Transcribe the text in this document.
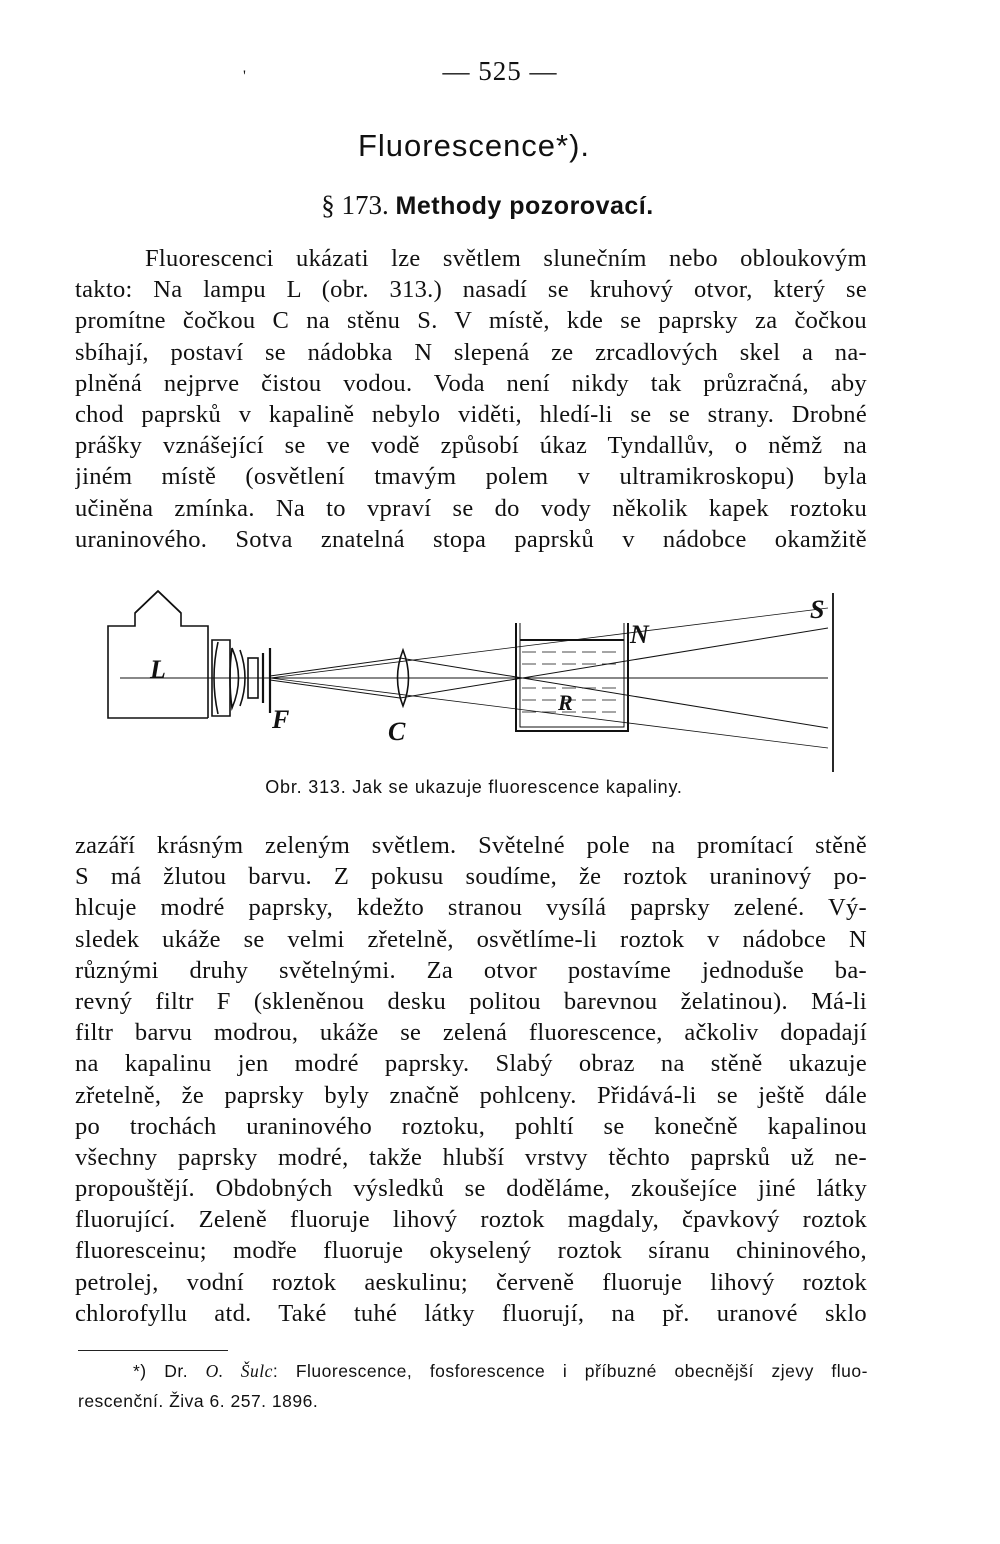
— 525 —
'
Fluorescence*).
§ 173. Methody pozorovací.
Fluorescenci ukázati lze světlem slunečním nebo obloukovým
takto: Na lampu L (obr. 313.) nasadí se kruhový otvor, který se
promítne čočkou C na stěnu S. V místě, kde se paprsky za čočkou
sbíhají, postaví se nádobka N slepená ze zrcadlových skel a na-
plněná nejprve čistou vodou. Voda není nikdy tak průzračná, aby
chod paprsků v kapalině nebylo viděti, hledí-li se se strany. Drobné
prášky vznášející se ve vodě způsobí úkaz Tyndallův, o němž na
jiném místě (osvětlení tmavým polem v ultramikroskopu) byla
učiněna zmínka. Na to vpraví se do vody několik kapek roztoku
uraninového. Sotva znatelná stopa paprsků v nádobce okamžitě
L
F	C
N
R
S
Obr. 313. Jak se ukazuje fluorescence kapaliny.
zazáří krásným zeleným světlem. Světelné pole na promítací stěně
S má žlutou barvu. Z pokusu soudíme, že roztok uraninový po-
hlcuje modré paprsky, kdežto stranou vysílá paprsky zelené. Vý-
sledek ukáže se velmi zřetelně, osvětlíme-li roztok v nádobce N
různými druhy světelnými. Za otvor postavíme jednoduše ba-
revný filtr F (skleněnou desku politou barevnou želatinou). Má-li
filtr barvu modrou, ukáže se zelená fluorescence, ačkoliv dopadají
na kapalinu jen modré paprsky. Slabý obraz na stěně ukazuje
zřetelně, že paprsky byly značně pohlceny. Přidává-li se ještě dále
po trochách uraninového roztoku, pohltí se konečně kapalinou
všechny paprsky modré, takže hlubší vrstvy těchto paprsků už ne-
propouštějí. Obdobných výsledků se doděláme, zkoušejíce jiné látky
fluorující. Zeleně fluoruje lihový roztok magdaly, čpavkový roztok
fluoresceinu; modře fluoruje okyselený roztok síranu chininového,
petrolej, vodní roztok aeskulinu; červeně fluoruje lihový roztok
chlorofyllu atd. Také tuhé látky fluorují, na př. uranové sklo
*) Dr. O. Šulc: Fluorescence, fosforescence i příbuzné obecnější zjevy fluo-
rescenční. Živa 6. 257. 1896.
